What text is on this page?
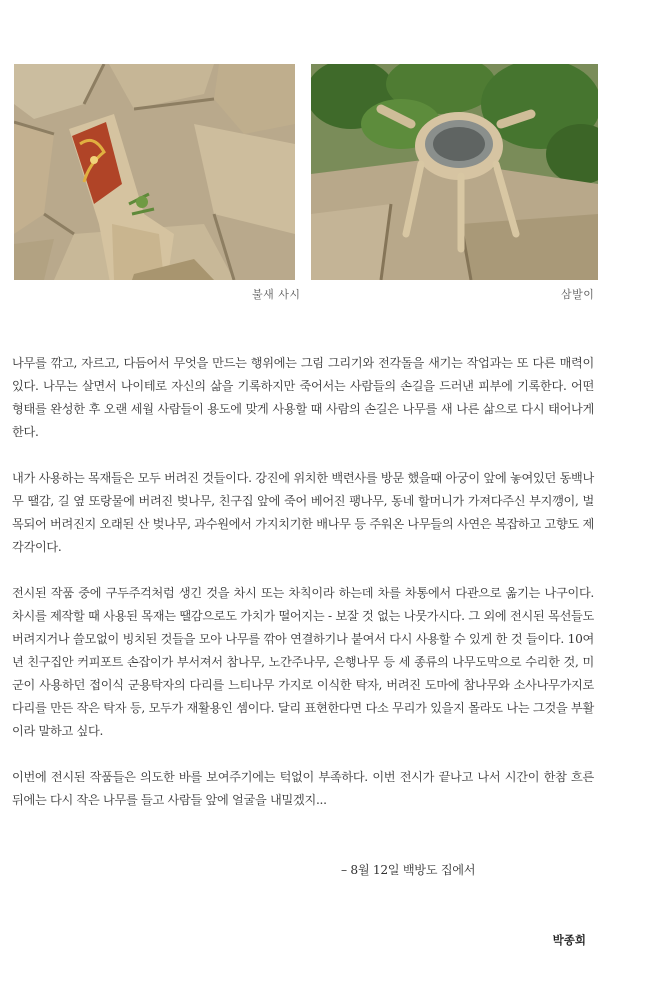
불새 사시	삼발이

나무를 깎고, 자르고, 다듬어서 무엇을 만드는 행위에는 그림 그리기와 전각돌을 새기는 작업과는 또 다른 매력이 있다. 나무는 살면서 나이테로 자신의 삶을 기록하지만 죽어서는 사람들의 손길을 드러낸 피부에 기록한다. 어떤 형태를 완성한 후 오랜 세월 사람들이 용도에 맞게 사용할 때 사람의 손길은 나무를 새 나른 삶으로 다시 태어나게 한다.

내가 사용하는 목재들은 모두 버려진 것들이다. 강진에 위치한 백련사를 방문 했을때 아궁이 앞에 놓여있던 동백나무 땔감, 길 옆 또랑물에 버려진 벚나무, 친구집 앞에 죽어 베어진 팽나무, 동네 할머니가 가져다주신 부지깽이, 벌목되어 버려진지 오래된 산 벚나무, 과수원에서 가지치기한 배나무 등 주워온 나무들의 사연은 복잡하고 고향도 제각각이다.

전시된 작품 중에 구두주걱처럼 생긴 것을 차시 또는 차칙이라 하는데 차를 차통에서 다관으로 옮기는 나구이다. 차시를 제작할 때 사용된 목재는 땔감으로도 가치가 떨어지는 - 보잘 것 없는 나뭇가시다. 그 외에 전시된 목선들도 버려지거나 쓸모없이 빙치된 것들을 모아 나무를 깎아 연결하기나 붙여서 다시 사용할 수 있게 한 것 들이다. 10여년 친구집안 커피포트 손잡이가 부서져서 참나무, 노간주나무, 은행나무 등 세 종류의 나무도막으로 수리한 것, 미군이 사용하던 접이식 군용탁자의 다리를 느티나무 가지로 이식한 탁자, 버려진 도마에 참나무와 소사나무가지로 다리를 만든 작은 탁자 등, 모두가 재활용인 셈이다. 달리 표현한다면 다소 무리가 있을지 몰라도 나는 그것을 부활이라 말하고 싶다.

이번에 전시된 작품들은 의도한 바를 보여주기에는 턱없이 부족하다. 이번 전시가 끝나고 나서 시간이 한참 흐른 뒤에는 다시 작은 나무를 들고 사람들 앞에 얼굴을 내밀겠지...

– 8월 12일 백방도 집에서
박종희
